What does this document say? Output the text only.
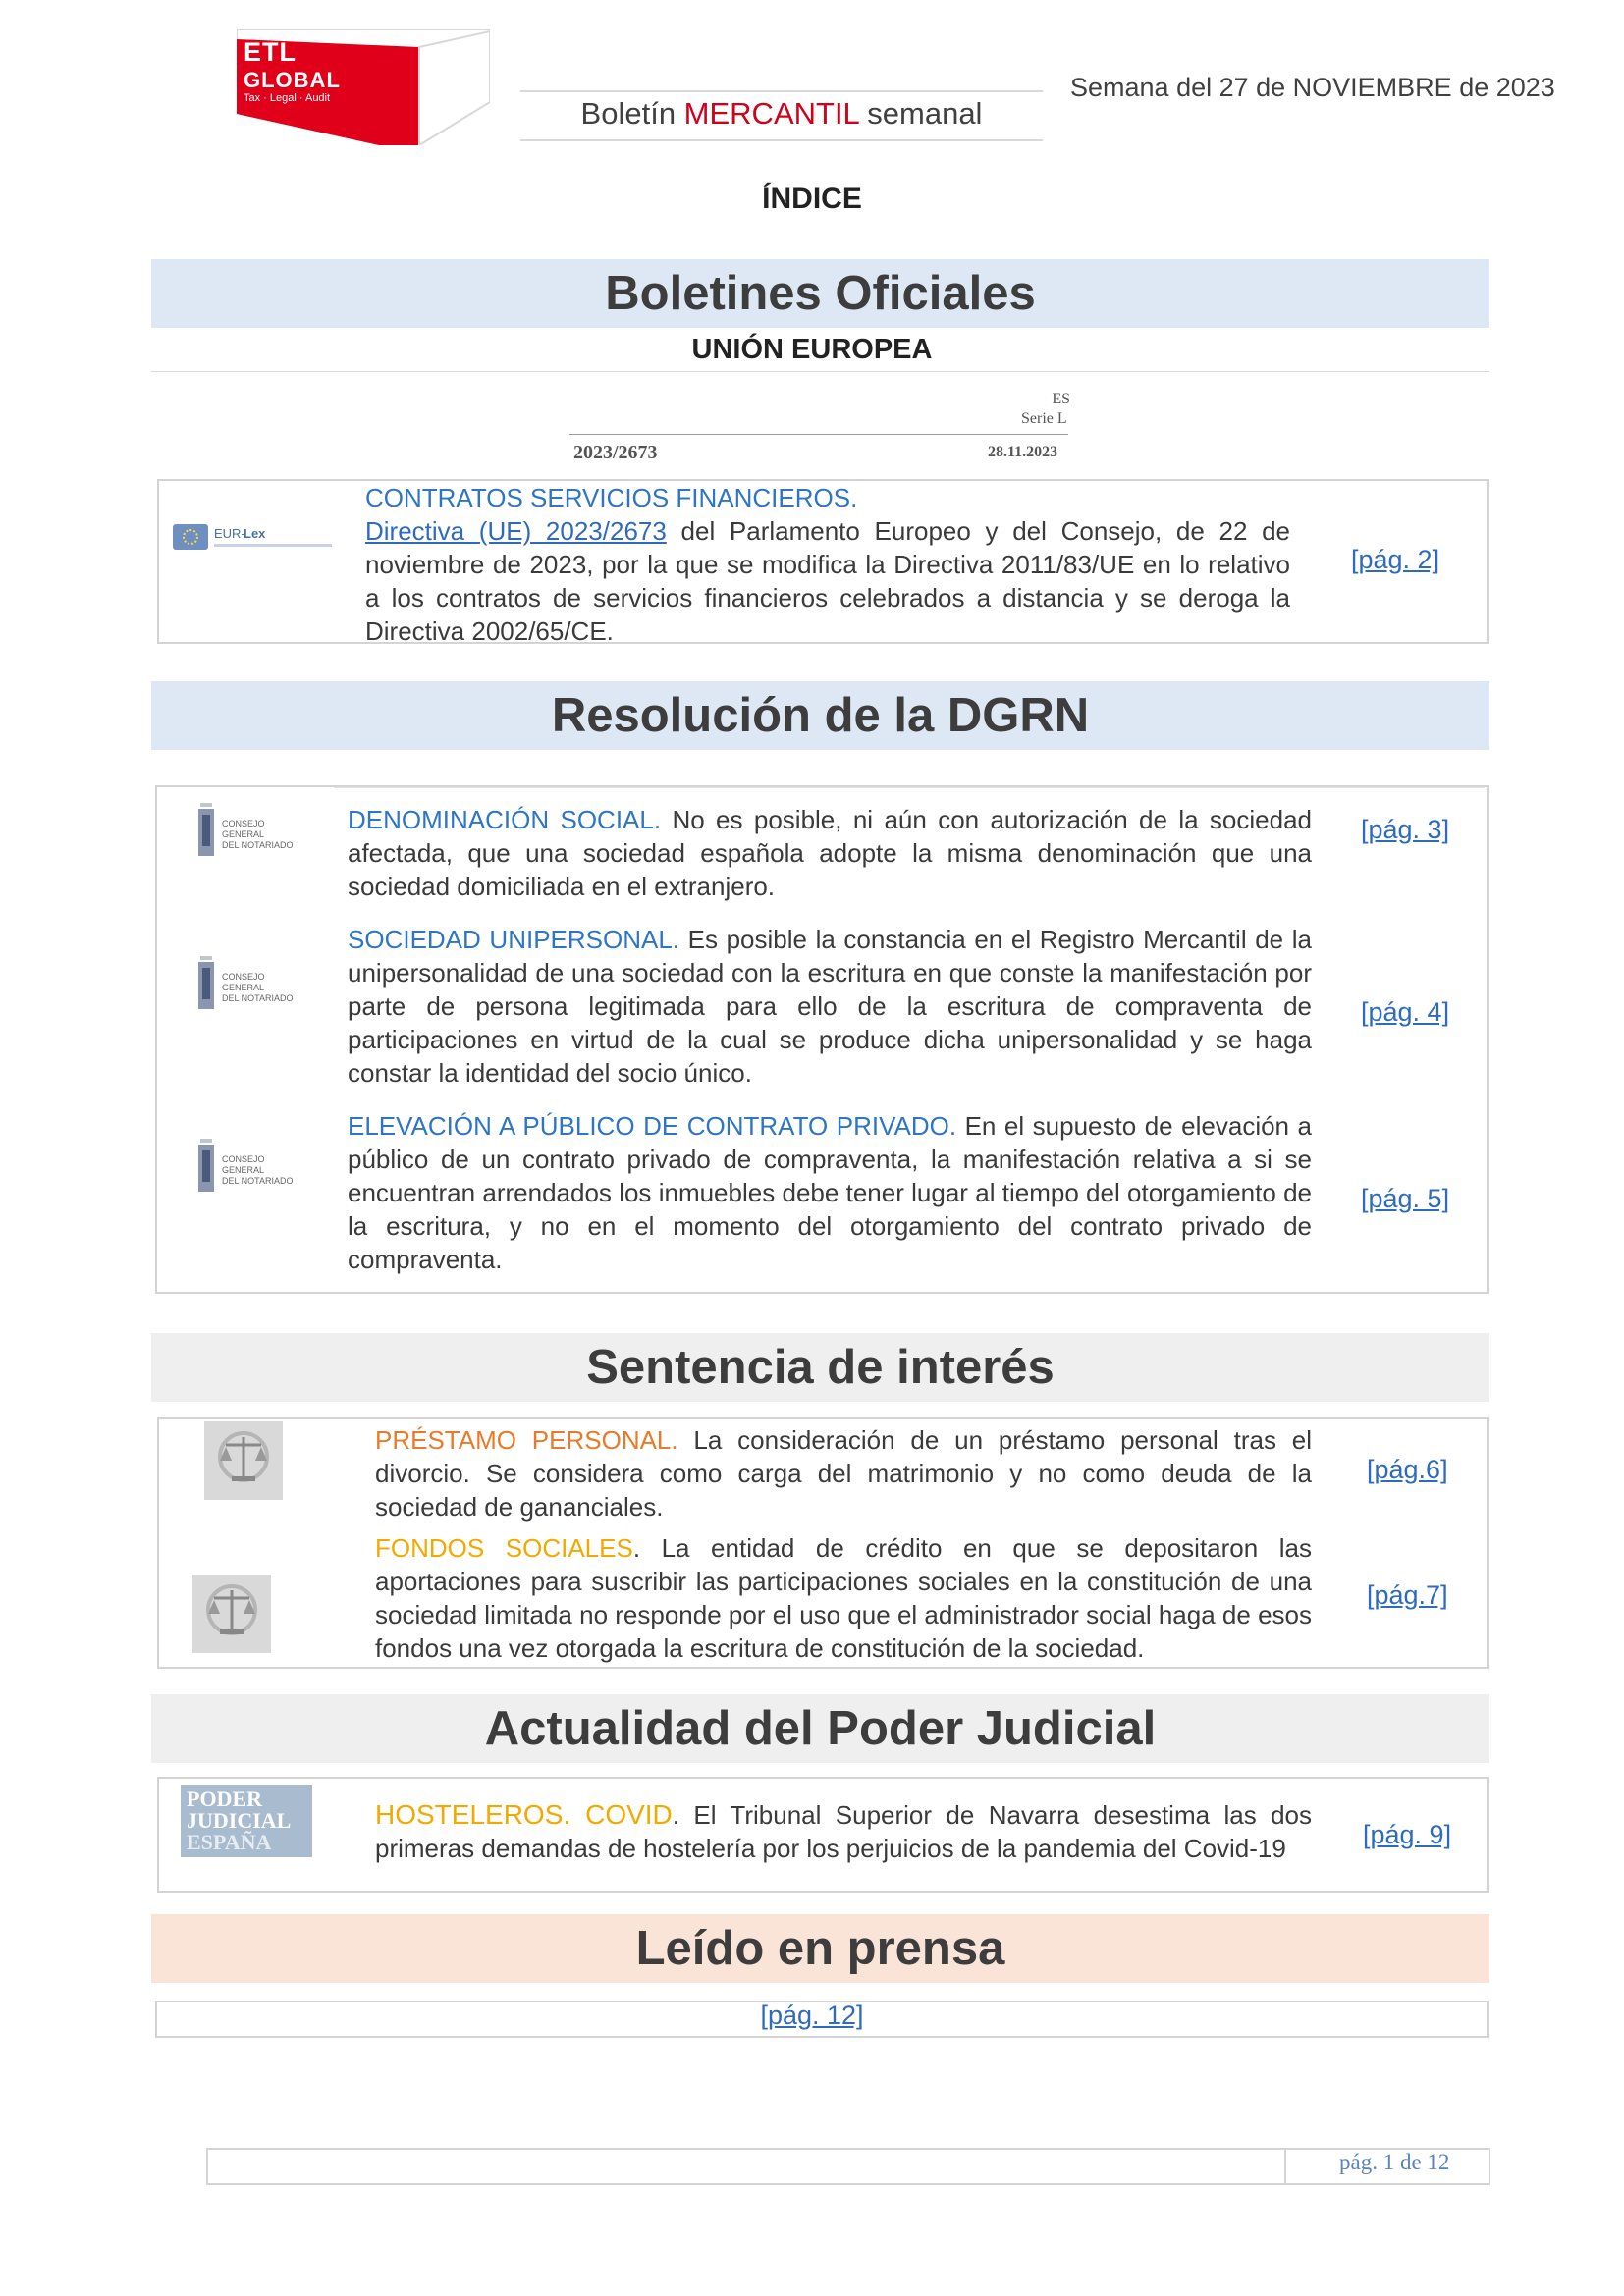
ETL
GLOBAL
Tax · Legal · Audit	Boletín MERCANTIL semanal
Semana del 27 de NOVIEMBRE de 2023
ÍNDICE
Boletines Oficiales
UNIÓN EUROPEA
ES
Serie L
2023/2673	28.11.2023
EUR-
Lex
CONTRATOS SERVICIOS FINANCIEROS.
Directiva (UE) 2023/2673 del Parlamento Europeo y del Consejo, de 22 de noviembre de 2023, por la que se modifica la Directiva 2011/83/UE en lo relativo a los contratos de servicios financieros celebrados a distancia y se deroga la Directiva 2002/65/CE.
[pág. 2]
Resolución de la DGRN
CONSEJO GENERAL
DEL NOTARIADO
CONSEJO GENERAL
DEL NOTARIADO
CONSEJO GENERAL
DEL NOTARIADO
DENOMINACIÓN SOCIAL. No es posible, ni aún con autorización de la sociedad afectada, que una sociedad española adopte la misma denominación que una sociedad domiciliada en el extranjero.
[pág. 3]
SOCIEDAD UNIPERSONAL. Es posible la constancia en el Registro Mercantil de la unipersonalidad de una sociedad con la escritura en que conste la manifestación por parte de persona legitimada para ello de la escritura de compraventa de participaciones en virtud de la cual se produce dicha unipersonalidad y se haga constar la identidad del socio único.
[pág. 4]
ELEVACIÓN A PÚBLICO DE CONTRATO PRIVADO. En el supuesto de elevación a público de un contrato privado de compraventa, la manifestación relativa a si se encuentran arrendados los inmuebles debe tener lugar al tiempo del otorgamiento de la escritura, y no en el momento del otorgamiento del contrato privado de compraventa.
[pág. 5]
Sentencia de interés
PRÉSTAMO PERSONAL. La consideración de un préstamo personal tras el divorcio. Se considera como carga del matrimonio y no como deuda de la sociedad de gananciales.
[pág.6]
FONDOS SOCIALES. La entidad de crédito en que se depositaron las aportaciones para suscribir las participaciones sociales en la constitución de una sociedad limitada no responde por el uso que el administrador social haga de esos fondos una vez otorgada la escritura de constitución de la sociedad.
[pág.7]
Actualidad del Poder Judicial
PODER
JUDICIAL
ESPAÑA
HOSTELEROS. COVID. El Tribunal Superior de Navarra desestima las dos primeras demandas de hostelería por los perjuicios de la pandemia del Covid-19	[pág. 9]
Leído en prensa
[pág. 12]
pág. 1 de 12
